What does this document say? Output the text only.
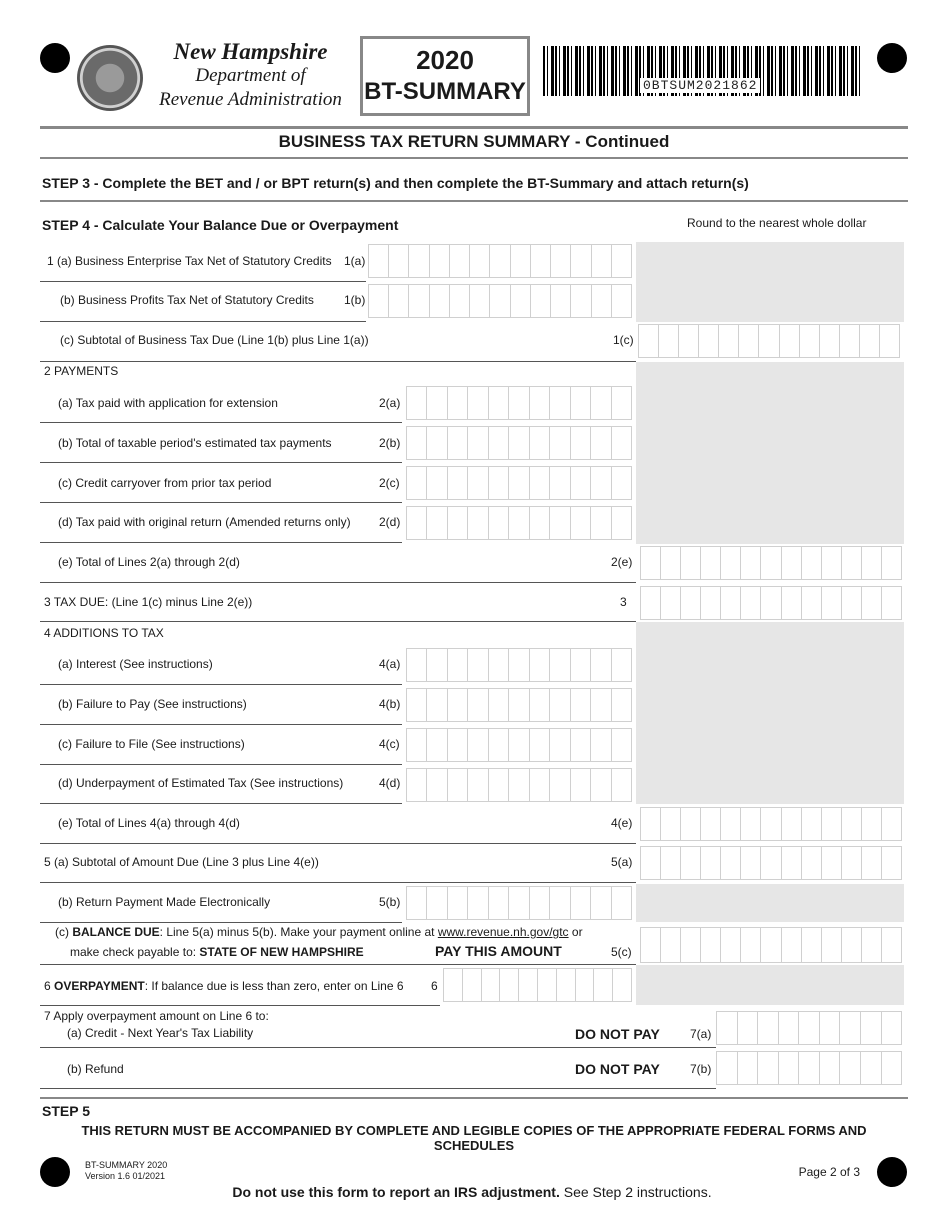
New Hampshire
Department of
Revenue Administration
2020
BT-SUMMARY	0BTSUM2021862
BUSINESS TAX RETURN SUMMARY - Continued
STEP 3 - Complete the BET and / or BPT return(s) and then complete the BT-Summary and attach return(s)
STEP 4 - Calculate Your Balance Due or Overpayment	Round to the nearest whole dollar
1 (a) Business Enterprise Tax Net of Statutory Credits 1(a)
(b) Business Profits Tax Net of Statutory Credits	1(b)
(c) Subtotal of Business Tax Due (Line 1(b) plus Line 1(a))	1(c)
2 PAYMENTS
(a) Tax paid with application for extension	2(a)
(b) Total of taxable period's estimated tax payments	2(b)
(c) Credit carryover from prior tax period	2(c)
(d) Tax paid with original return (Amended returns only) 2(d)
(e) Total of Lines 2(a) through 2(d)	2(e)
3 TAX DUE: (Line 1(c) minus Line 2(e))	3
4 ADDITIONS TO TAX
(a) Interest (See instructions)	4(a)
(b) Failure to Pay (See instructions)	4(b)
(c) Failure to File (See instructions)	4(c)
(d) Underpayment of Estimated Tax (See instructions)	4(d)
(e) Total of Lines 4(a) through 4(d)	4(e)
5 (a) Subtotal of Amount Due (Line 3 plus Line 4(e))	5(a)
(b) Return Payment Made Electronically	5(b)
(c) BALANCE DUE: Line 5(a) minus 5(b). Make your payment online at www.revenue.nh.gov/gtc or
make check payable to: STATE OF NEW HAMPSHIRE	PAY THIS AMOUNT	5(c)
6 OVERPAYMENT: If balance due is less than zero, enter on Line 6 6
7 Apply overpayment amount on Line 6 to:
(a) Credit - Next Year's Tax Liability	DO NOT PAY	7(a)
(b) Refund	DO NOT PAY	7(b)
STEP 5
THIS RETURN MUST BE ACCOMPANIED BY COMPLETE AND LEGIBLE COPIES OF THE APPROPRIATE FEDERAL FORMS AND SCHEDULES
BT-SUMMARY 2020
Version 1.6 01/2021	Page 2 of 3
Do not use this form to report an IRS adjustment. See Step 2 instructions.
